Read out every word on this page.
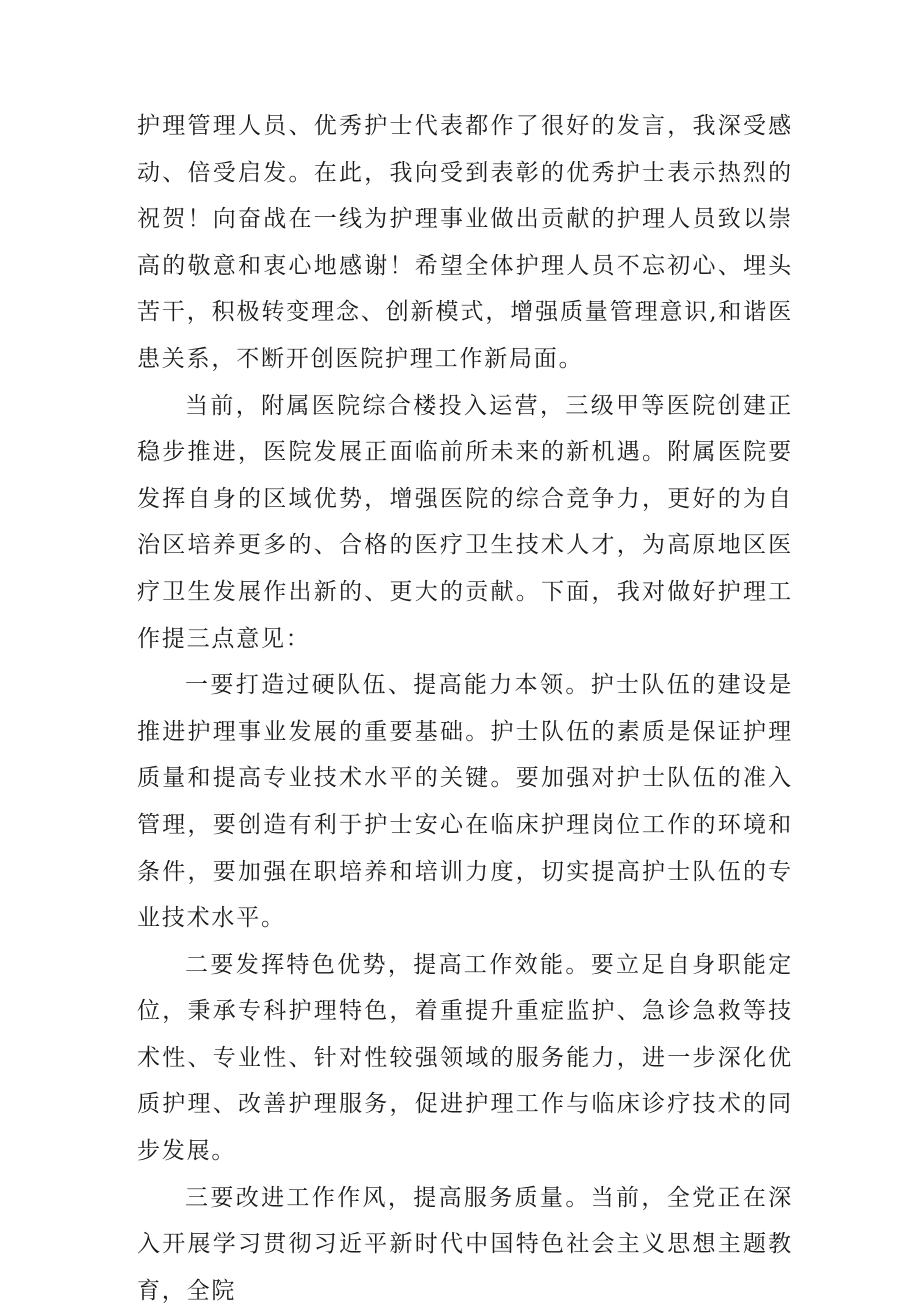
护理管理人员、优秀护士代表都作了很好的发言，我深受感动、倍受启发。在此，我向受到表彰的优秀护士表示热烈的祝贺！向奋战在一线为护理事业做出贡献的护理人员致以崇高的敬意和衷心地感谢！希望全体护理人员不忘初心、埋头苦干，积极转变理念、创新模式，增强质量管理意识,和谐医患关系，不断开创医院护理工作新局面。

当前，附属医院综合楼投入运营，三级甲等医院创建正稳步推进，医院发展正面临前所未来的新机遇。附属医院要发挥自身的区域优势，增强医院的综合竞争力，更好的为自治区培养更多的、合格的医疗卫生技术人才，为高原地区医疗卫生发展作出新的、更大的贡献。下面，我对做好护理工作提三点意见：

一要打造过硬队伍、提高能力本领。护士队伍的建设是推进护理事业发展的重要基础。护士队伍的素质是保证护理质量和提高专业技术水平的关键。要加强对护士队伍的准入管理，要创造有利于护士安心在临床护理岗位工作的环境和条件，要加强在职培养和培训力度，切实提高护士队伍的专业技术水平。

二要发挥特色优势，提高工作效能。要立足自身职能定位，秉承专科护理特色，着重提升重症监护、急诊急救等技术性、专业性、针对性较强领域的服务能力，进一步深化优质护理、改善护理服务，促进护理工作与临床诊疗技术的同步发展。

三要改进工作作风，提高服务质量。当前，全党正在深入开展学习贯彻习近平新时代中国特色社会主义思想主题教育，全院
